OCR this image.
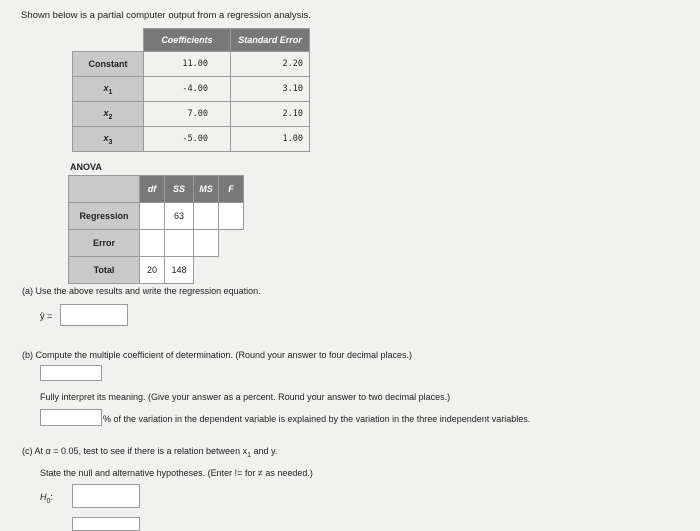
Shown below is a partial computer output from a regression analysis.
	Coefficients	Standard Error
Constant	11.00	2.20
$x_1$	-4.00	3.10
$x_2$	7.00	2.10
$x_3$	-5.00	1.00
ANOVA
	df	SS	MS	F
Regression		63		
Error				
Total	20	148		
(a) Use the above results and write the regression equation.
ŷ =
(b) Compute the multiple coefficient of determination. (Round your answer to four decimal places.)
Fully interpret its meaning. (Give your answer as a percent. Round your answer to two decimal places.)
% of the variation in the dependent variable is explained by the variation in the three independent variables.
(c) At α = 0.05, test to see if there is a relation between $x_1$ and y.
State the null and alternative hypotheses. (Enter != for ≠ as needed.)
$H_0$:
